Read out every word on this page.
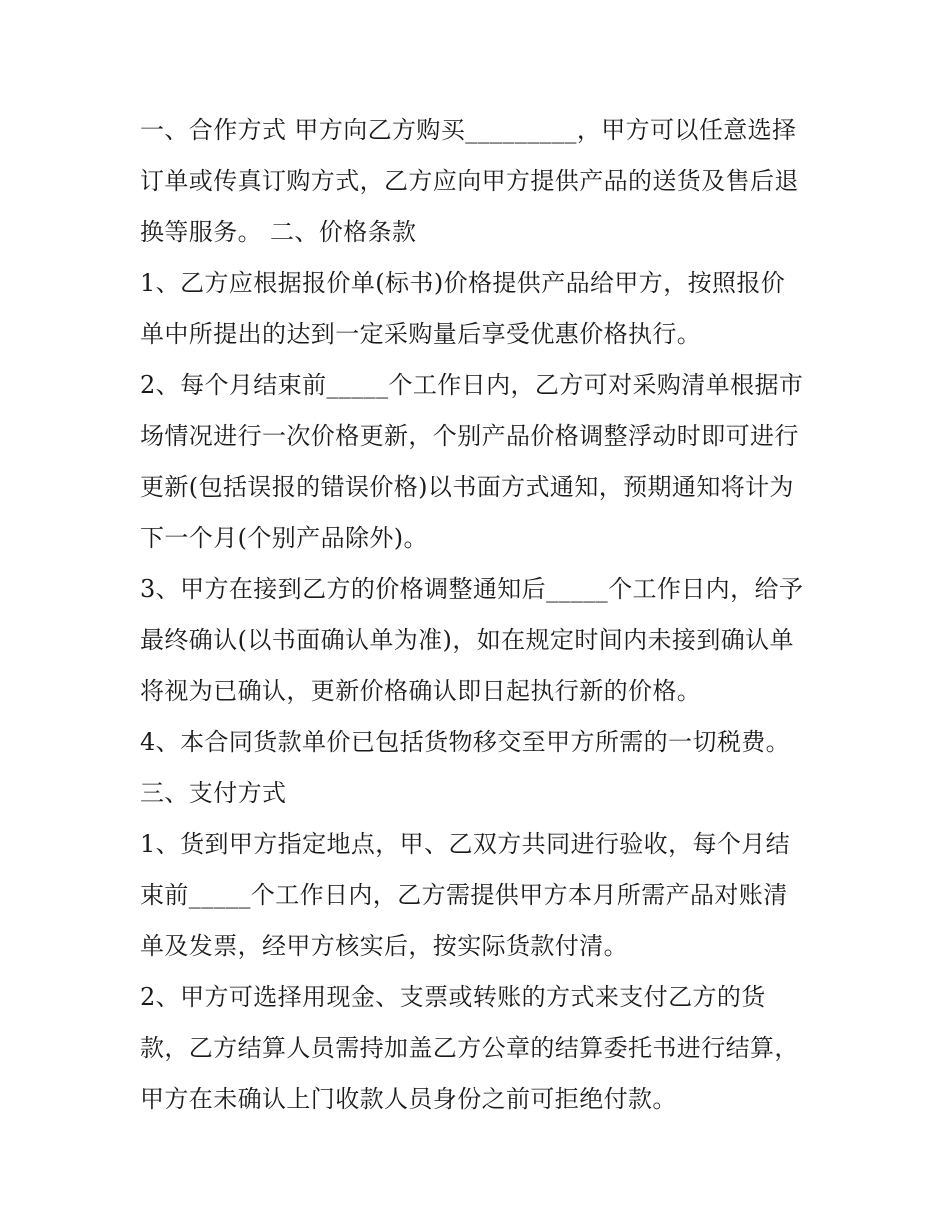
一、合作方式 甲方向乙方购买_________，甲方可以任意选择
订单或传真订购方式，乙方应向甲方提供产品的送货及售后退
换等服务。 二、价格条款
1、乙方应根据报价单(标书)价格提供产品给甲方，按照报价
单中所提出的达到一定采购量后享受优惠价格执行。
2、每个月结束前_____个工作日内，乙方可对采购清单根据市
场情况进行一次价格更新，个别产品价格调整浮动时即可进行
更新(包括误报的错误价格)以书面方式通知，预期通知将计为
下一个月(个别产品除外)。
3、甲方在接到乙方的价格调整通知后_____个工作日内，给予
最终确认(以书面确认单为准)，如在规定时间内未接到确认单
将视为已确认，更新价格确认即日起执行新的价格。
4、本合同货款单价已包括货物移交至甲方所需的一切税费。
三、支付方式
1、货到甲方指定地点，甲、乙双方共同进行验收，每个月结
束前_____个工作日内，乙方需提供甲方本月所需产品对账清
单及发票，经甲方核实后，按实际货款付清。
2、甲方可选择用现金、支票或转账的方式来支付乙方的货
款，乙方结算人员需持加盖乙方公章的结算委托书进行结算，
甲方在未确认上门收款人员身份之前可拒绝付款。
